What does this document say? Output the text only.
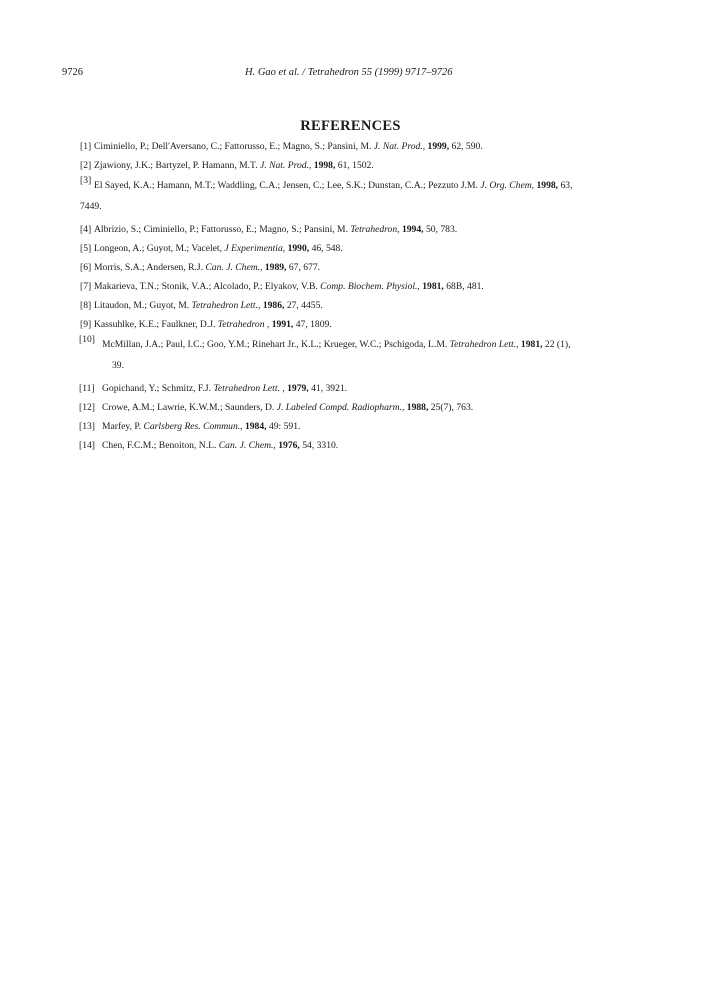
9726	H. Gao et al. / Tetrahedron 55 (1999) 9717–9726
REFERENCES
[1] Ciminiello, P.; Dell'Aversano, C.; Fattorusso, E.; Magno, S.; Pansini, M. J. Nat. Prod., 1999, 62, 590.
[2] Zjawiony, J.K.; Bartyzel, P. Hamann, M.T. J. Nat. Prod., 1998, 61, 1502.
[3] El Sayed, K.A.; Hamann, M.T.; Waddling, C.A.; Jensen, C.; Lee, S.K.; Dunstan, C.A.; Pezzuto J.M. J. Org. Chem, 1998, 63,
7449.
[4] Albrizio, S.; Ciminiello, P.; Fattorusso, E.; Magno, S.; Pansini, M. Tetrahedron, 1994, 50, 783.
[5] Longeon, A.; Guyot, M.; Vacelet, J Experimentia, 1990, 46, 548.
[6] Morris, S.A.; Andersen, R.J. Can. J. Chem., 1989, 67, 677.
[7] Makarieva, T.N.; Stonik, V.A.; Alcolado, P.; Elyakov, V.B. Comp. Biochem. Physiol., 1981, 68B, 481.
[8] Litaudon, M.; Guyot, M. Tetrahedron Lett., 1986, 27, 4455.
[9] Kassuhlke, K.E.; Faulkner, D.J. Tetrahedron , 1991, 47, 1809.
[10] McMillan, J.A.; Paul, I.C.; Goo, Y.M.; Rinehart Jr., K.L.; Krueger, W.C.; Pschigoda, L.M. Tetrahedron Lett., 1981, 22 (1),
39.
[11] Gopichand, Y.; Schmitz, F.J. Tetrahedron Lett. , 1979, 41, 3921.
[12] Crowe, A.M.; Lawrie, K.W.M.; Saunders, D. J. Labeled Compd. Radiopharm., 1988, 25(7), 763.
[13] Marfey, P. Carlsberg Res. Commun., 1984, 49: 591.
[14] Chen, F.C.M.; Benoiton, N.L. Can. J. Chem., 1976, 54, 3310.
